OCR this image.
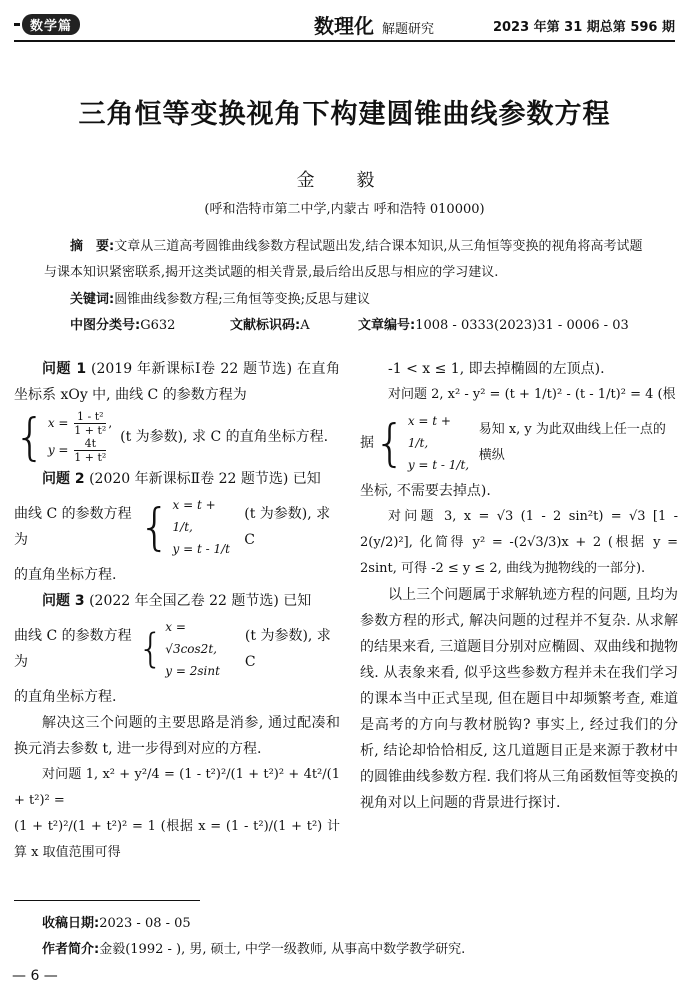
数学篇	数理化 解题研究	2023 年第 31 期总第 596 期
三角恒等变换视角下构建圆锥曲线参数方程
金 毅
(呼和浩特市第二中学,内蒙古 呼和浩特 010000)
摘　要:文章从三道高考圆锥曲线参数方程试题出发,结合课本知识,从三角恒等变换的视角将高考试题与课本知识紧密联系,揭开这类试题的相关背景,最后给出反思与相应的学习建议.
关键词:圆锥曲线参数方程;三角恒等变换;反思与建议
中图分类号:G632	文献标识码:A	文章编号:1008 - 0333(2023)31 - 0006 - 03

问题 1 (2019 年新课标Ⅰ卷 22 题节选) 在直角坐标系 xOy 中, 曲线 C 的参数方程为

{ $x = \frac{\text{1 - t²}}{\text{1 + t²}}$ ,
$y = \frac{4t}{\text{1 + t²}} (t$ 为参数), 求 C 的直角坐标方程.

问题 2 (2020 年新课标Ⅱ卷 22 题节选) 已知

曲线 C 的参数方程为	{ x = t + 1/t,
y = t - 1/t
(t 为参数), 求 C

的直角坐标方程.

问题 3 (2022 年全国乙卷 22 题节选) 已知

曲线 C 的参数方程为	{ x = √3cos2t,
y = 2sint
(t 为参数), 求 C

的直角坐标方程.

解决这三个问题的主要思路是消参, 通过配凑和换元消去参数 t, 进一步得到对应的方程.

对问题 1, x² + y²/4 = (1 - t²)²/(1 + t²)² + 4t²/(1 + t²)² =

(1 + t²)²/(1 + t²)² = 1 (根据 x = (1 - t²)/(1 + t²) 计算 x 取值范围可得

-1 < x ≤ 1, 即去掉椭圆的左顶点).

对问题 2, x² - y² = (t + 1/t)² - (t - 1/t)² = 4 (根

据 { x = t + 1/t,
y = t - 1/t,
易知 x, y 为此双曲线上任一点的横纵

坐标, 不需要去掉点).

对问题 3, x = √3 (1 - 2 sin²t) = √3 [1 - 2(y/2)²], 化简得 y² = -(2√3/3)x + 2 (根据 y = 2sint, 可得 -2 ≤ y ≤ 2, 曲线为抛物线的一部分).

以上三个问题属于求解轨迹方程的问题, 且均为参数方程的形式, 解决问题的过程并不复杂. 从求解的结果来看, 三道题目分别对应椭圆、双曲线和抛物线. 从表象来看, 似乎这些参数方程并未在我们学习的课本当中正式呈现, 但在题目中却频繁考查, 难道是高考的方向与教材脱钩? 事实上, 经过我们的分析, 结论却恰恰相反, 这几道题目正是来源于教材中的圆锥曲线参数方程. 我们将从三角函数恒等变换的视角对以上问题的背景进行探讨.

收稿日期:2023 - 08 - 05
作者简介:金毅(1992 - ), 男, 硕士, 中学一级教师, 从事高中数学教学研究.
— 6 —
